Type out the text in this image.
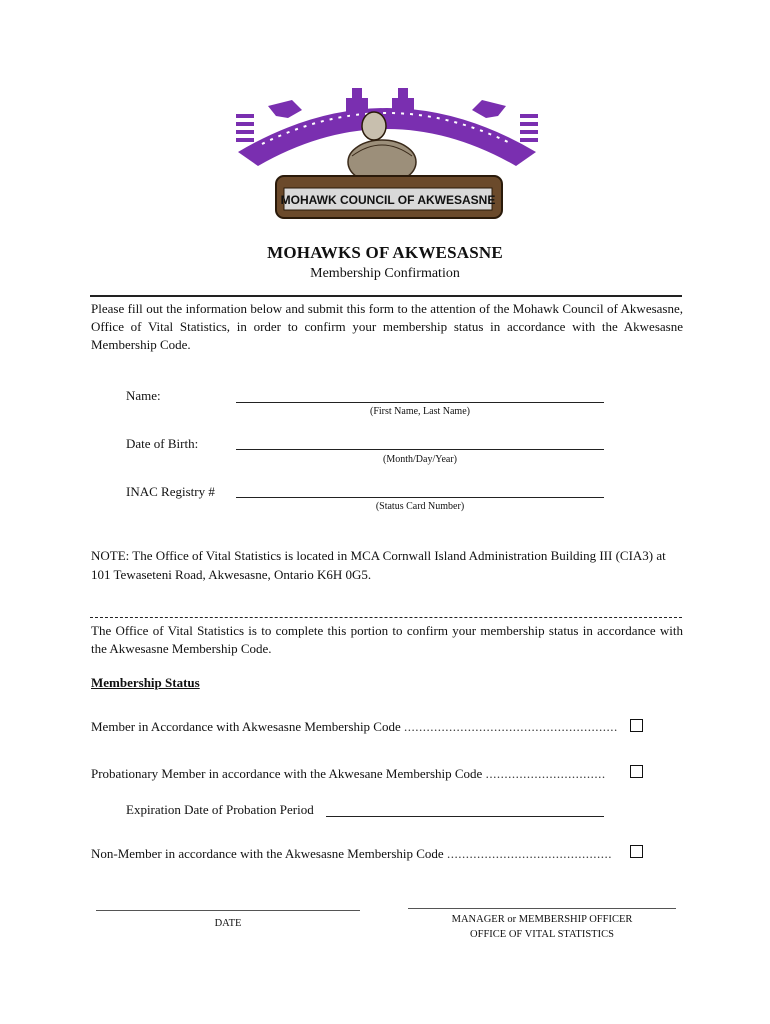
MOHAWK COUNCIL OF AKWESASNE
MOHAWKS OF AKWESASNE
Membership Confirmation
Please fill out the information below and submit this form to the attention of the Mohawk Council of Akwesasne, Office of Vital Statistics, in order to confirm your membership status in accordance with the Akwesasne Membership Code.
Name:
(First Name, Last Name)
Date of Birth:
(Month/Day/Year)
INAC Registry #
(Status Card Number)
NOTE: The Office of Vital Statistics is located in MCA Cornwall Island Administration Building III (CIA3) at 101 Tewaseteni Road, Akwesasne, Ontario K6H 0G5.
The Office of Vital Statistics is to complete this portion to confirm your membership status in accordance with the Akwesasne Membership Code.
Membership Status
Member in Accordance with Akwesasne Membership Code .........................................................
Probationary Member in accordance with the Akwesane Membership Code ................................
Expiration Date of Probation Period
Non-Member in accordance with the Akwesasne Membership Code ............................................
DATE	MANAGER or MEMBERSHIP OFFICER
OFFICE OF VITAL STATISTICS
